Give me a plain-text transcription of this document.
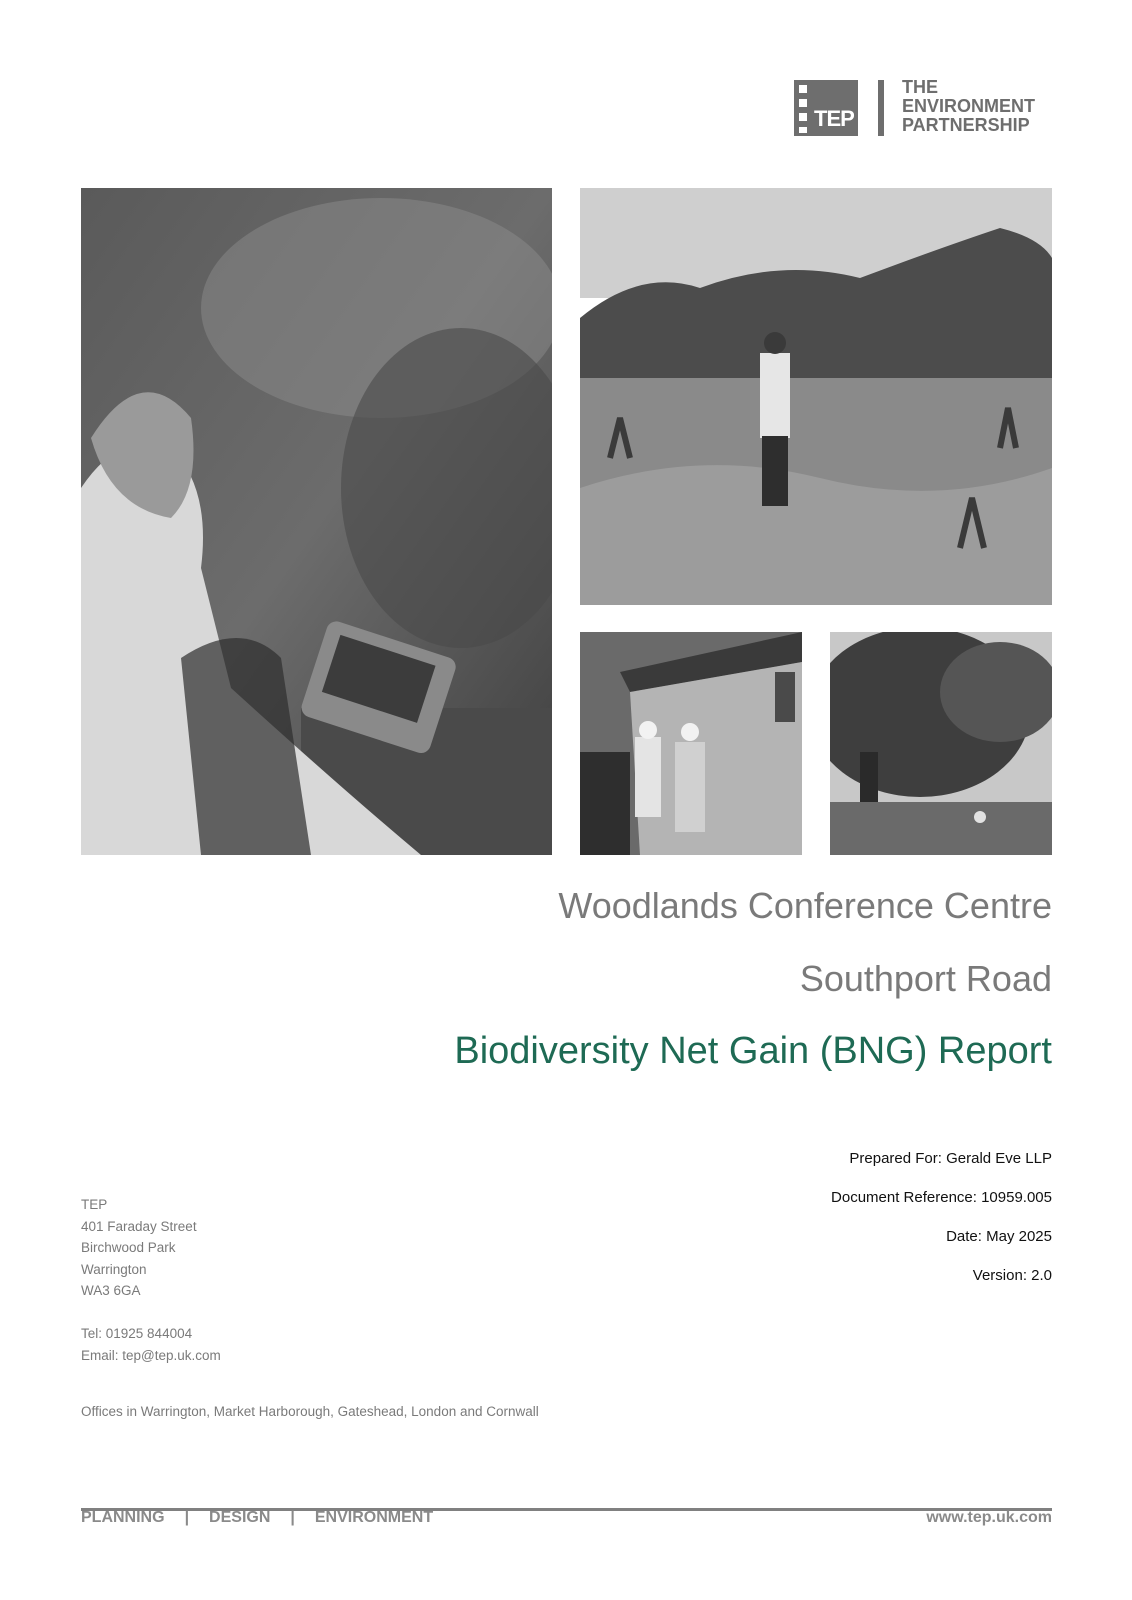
TEP
THE
ENVIRONMENT
PARTNERSHIP
Woodlands Conference Centre
Southport Road
Biodiversity Net Gain (BNG) Report
Prepared For: Gerald Eve LLP
Document Reference: 10959.005
Date: May 2025
Version: 2.0
TEP
401 Faraday Street
Birchwood Park
Warrington
WA3 6GA
Tel: 01925 844004
Email: tep@tep.uk.com
Offices in Warrington, Market Harborough, Gateshead, London and Cornwall
PLANNING | DESIGN | ENVIRONMENT	www.tep.uk.com
